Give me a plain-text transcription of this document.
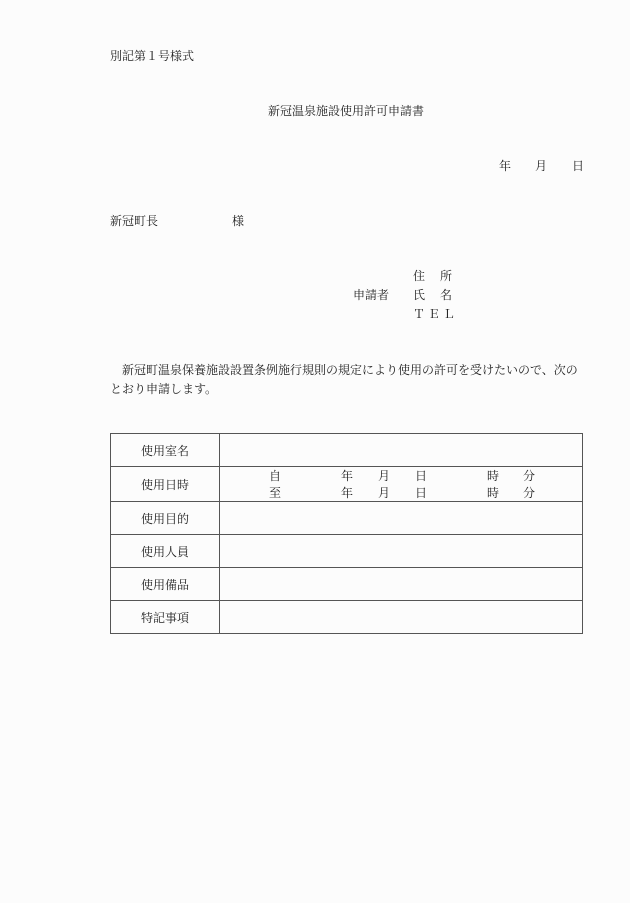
別記第１号様式
新冠温泉施設使用許可申請書
年 月 日
新冠町長	様
申請者
住 所
氏 名
ＴＥＬ
　新冠町温泉保養施設設置条例施行規則の規定により使用の許可を受けたいので、次のとおり申請します。
使用室名	
使用日時	
自	年 月 日	時 分
至	年 月 日	時 分

使用目的	
使用人員	
使用備品	
特記事項	
